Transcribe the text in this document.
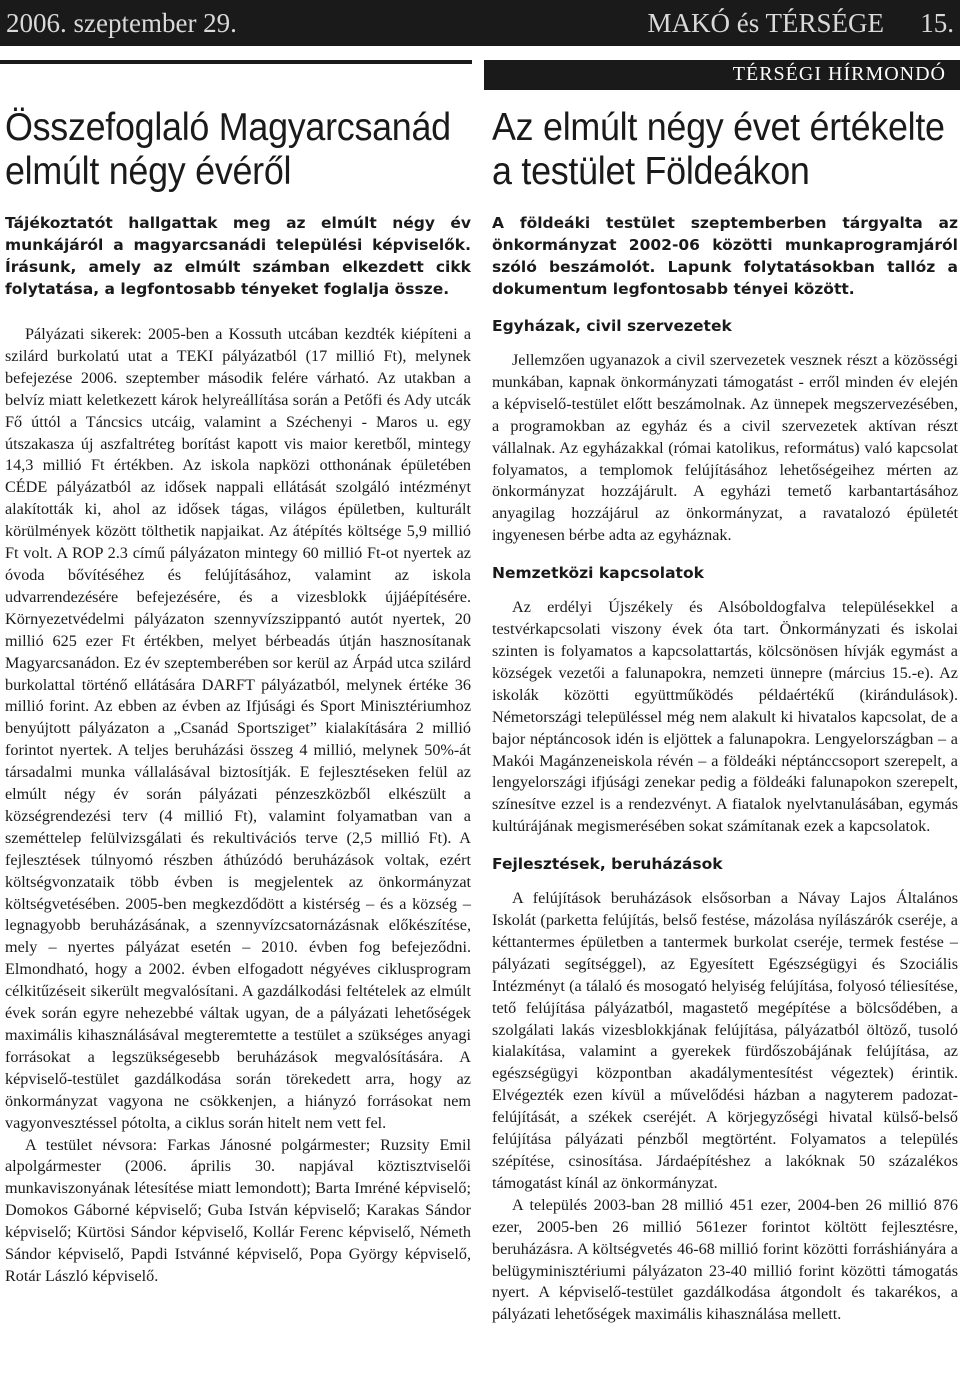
2006. szeptember 29.	MAKÓ és TÉRSÉGE 15.
TÉRSÉGI HÍRMONDÓ
Összefoglaló Magyarcsanád elmúlt négy évéről

Tájékoztatót hallgattak meg az elmúlt négy év munkájáról a magyarcsanádi települési képviselők. Írásunk, amely az elmúlt számban elkezdett cikk folytatása, a legfontosabb tényeket foglalja össze.

Pályázati sikerek: 2005-ben a Kossuth utcában kezdték kiépíteni a szilárd burkolatú utat a TEKI pályázatból (17 millió Ft), melynek befejezése 2006. szeptember második felére várható. Az utakban a belvíz miatt keletkezett károk helyreállítása során a Petőfi és Ady utcák Fő úttól a Táncsics utcáig, valamint a Széchenyi - Maros u. egy útszakasza új aszfaltréteg borítást kapott vis maior keretből, mintegy 14,3 millió Ft értékben. Az iskola napközi otthonának épületében CÉDE pályázatból az idősek nappali ellátását szolgáló intézményt alakították ki, ahol az idősek tágas, világos épületben, kulturált körülmények között tölthetik napjaikat. Az átépítés költsége 5,9 millió Ft volt. A ROP 2.3 című pályázaton mintegy 60 millió Ft-ot nyertek az óvoda bővítéséhez és felújításához, valamint az iskola udvarrendezésére befejezésére, és a vizesblokk újjáépítésére. Környezetvédelmi pályázaton szennyvízszippantó autót nyertek, 20 millió 625 ezer Ft értékben, melyet bérbeadás útján hasznosítanak Magyarcsanádon. Ez év szeptemberében sor kerül az Árpád utca szilárd burkolattal történő ellátására DARFT pályázatból, melynek értéke 36 millió forint. Az ebben az évben az Ifjúsági és Sport Minisztériumhoz benyújtott pályázaton a „Csanád Sportsziget” kialakítására 2 millió forintot nyertek. A teljes beruházási összeg 4 millió, melynek 50%-át társadalmi munka vállalásával biztosítják. E fejlesztéseken felül az elmúlt négy év során pályázati pénzeszközből elkészült a községrendezési terv (4 millió Ft), valamint folyamatban van a szeméttelep felülvizsgálati és rekultivációs terve (2,5 millió Ft). A fejlesztések túlnyomó részben áthúzódó beruházások voltak, ezért költségvonzataik több évben is megjelentek az önkormányzat költségvetésében. 2005-ben megkezdődött a kistérség – és a község – legnagyobb beruházásának, a szennyvízcsatornázásnak előkészítése, mely – nyertes pályázat esetén – 2010. évben fog befejeződni. Elmondható, hogy a 2002. évben elfogadott négyéves ciklusprogram célkitűzéseit sikerült megvalósítani. A gazdálkodási feltételek az elmúlt évek során egyre nehezebbé váltak ugyan, de a pályázati lehetőségek maximális kihasználásával megteremtette a testület a szükséges anyagi forrásokat a legszükségesebb beruházások megvalósítására. A képviselő-testület gazdálkodása során törekedett arra, hogy az önkormányzat vagyona ne csökkenjen, a hiányzó forrásokat nem vagyonvesztéssel pótolta, a ciklus során hitelt nem vett fel.

A testület névsora: Farkas Jánosné polgármester; Ruzsity Emil alpolgármester (2006. április 30. napjával köztisztviselői munkaviszonyának létesítése miatt lemondott); Barta Imréné képviselő; Domokos Gáborné képviselő; Guba István képviselő; Karakas Sándor képviselő; Kürtösi Sándor képviselő, Kollár Ferenc képviselő, Németh Sándor képviselő, Papdi Istvánné képviselő, Popa György képviselő, Rotár László képviselő.

Az elmúlt négy évet értékelte a testület Földeákon

A földeáki testület szeptemberben tárgyalta az önkormányzat 2002-06 közötti munkaprogramjáról szóló beszámolót. Lapunk folytatásokban tallóz a dokumentum legfontosabb tényei között.

Egyházak, civil szervezetek

Jellemzően ugyanazok a civil szervezetek vesznek részt a közösségi munkában, kapnak önkormányzati támogatást - erről minden év elején a képviselő-testület előtt beszámolnak. Az ünnepek megszervezésében, a programokban az egyház és a civil szervezetek aktívan részt vállalnak. Az egyházakkal (római katolikus, református) való kapcsolat folyamatos, a templomok felújításához lehetőségeihez mérten az önkormányzat hozzájárult. A egyházi temető karbantartásához anyagilag hozzájárul az önkormányzat, a ravatalozó épületét ingyenesen bérbe adta az egyháznak.

Nemzetközi kapcsolatok

Az erdélyi Újszékely és Alsóboldogfalva településekkel a testvérkapcsolati viszony évek óta tart. Önkormányzati és iskolai szinten is folyamatos a kapcsolattartás, kölcsönösen hívják egymást a községek vezetői a falunapokra, nemzeti ünnepre (március 15.-e). Az iskolák közötti együttműködés példaértékű (kirándulások). Németországi településsel még nem alakult ki hivatalos kapcsolat, de a bajor néptáncosok idén is eljöttek a falunapokra. Lengyelországban – a Makói Magánzeneiskola révén – a földeáki néptánccsoport szerepelt, a lengyelországi ifjúsági zenekar pedig a földeáki falunapokon szerepelt, színesítve ezzel is a rendezvényt. A fiatalok nyelvtanulásában, egymás kultúrájának megismerésében sokat számítanak ezek a kapcsolatok.

Fejlesztések, beruházások

A felújítások beruházások elsősorban a Návay Lajos Általános Iskolát (parketta felújítás, belső festése, mázolása nyílászárók cseréje, a kéttantermes épületben a tantermek burkolat cseréje, termek festése – pályázati segítséggel), az Egyesített Egészségügyi és Szociális Intézményt (a tálaló és mosogató helyiség felújítása, folyosó téliesítése, tető felújítása pályázatból, magastető megépítése a bölcsődében, a szolgálati lakás vizesblokkjának felújítása, pályázatból öltöző, tusoló kialakítása, valamint a gyerekek fürdőszobájának felújítása, az egészségügyi központban akadálymentesítést végeztek) érintik. Elvégezték ezen kívül a művelődési házban a nagyterem padozat-felújítását, a székek cseréjét. A körjegyzőségi hivatal külső-belső felújítása pályázati pénzből megtörtént. Folyamatos a település szépítése, csinosítása. Járdaépítéshez a lakóknak 50 százalékos támogatást kínál az önkormányzat.

A település 2003-ban 28 millió 451 ezer, 2004-ben 26 millió 876 ezer, 2005-ben 26 millió 561ezer forintot költött fejlesztésre, beruházásra. A költségvetés 46-68 millió forint közötti forráshiányára a belügyminisztériumi pályázaton 23-40 millió forint közötti támogatás nyert. A képviselő-testület gazdálkodása átgondolt és takarékos, a pályázati lehetőségek maximális kihasználása mellett.
